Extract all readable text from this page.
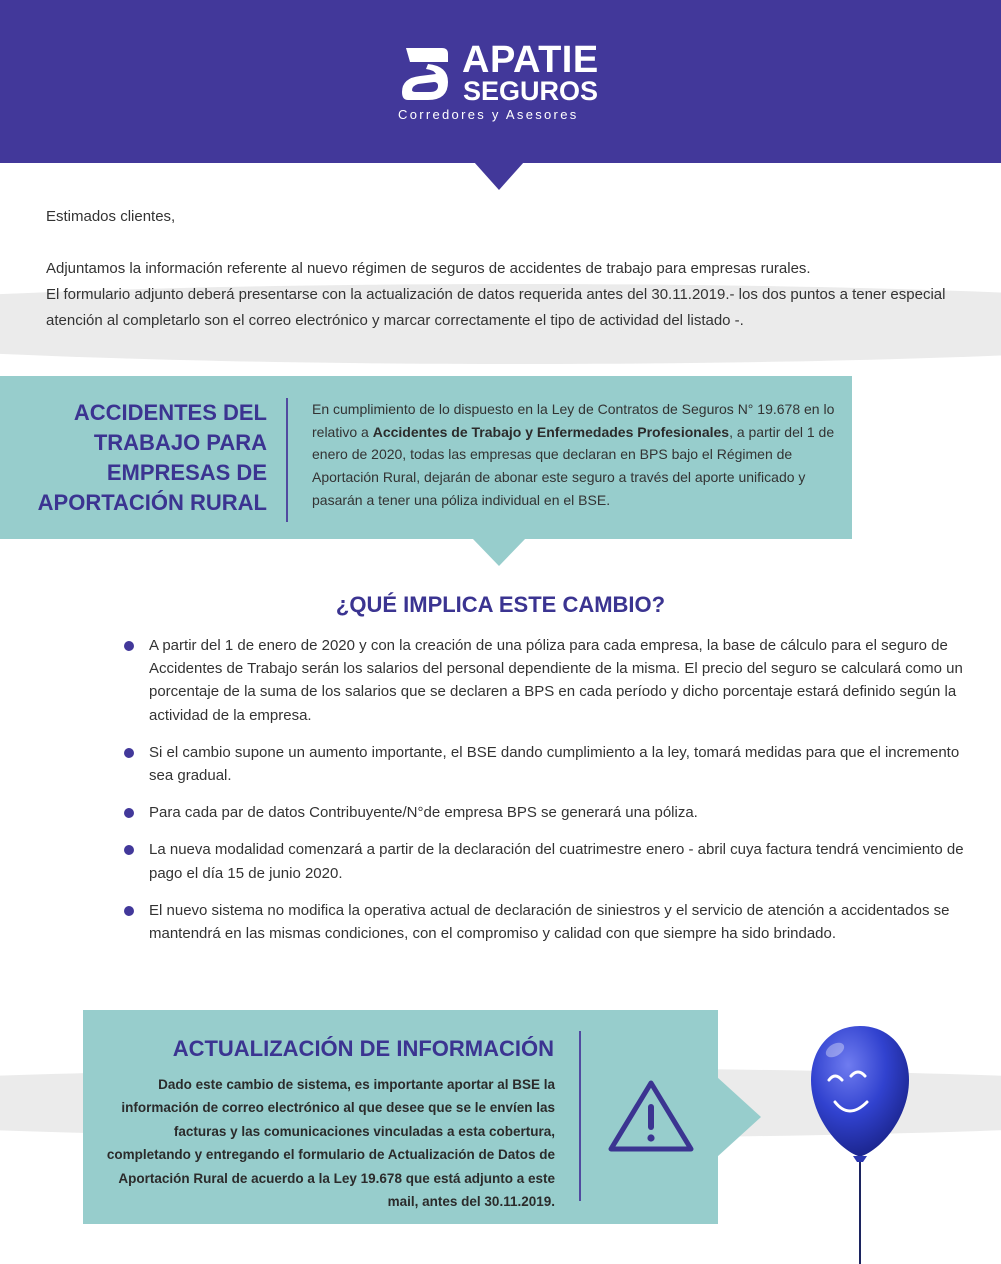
APATIE
SEGUROS
Corredores y Asesores

Estimados clientes,

Adjuntamos la información referente al nuevo régimen de seguros de accidentes de trabajo para empresas rurales.

El formulario adjunto deberá presentarse con la actualización de datos requerida antes del 30.11.2019.- los dos puntos a tener especial atención al completarlo son el correo electrónico y marcar correctamente el tipo de actividad del listado -.

ACCIDENTES DEL TRABAJO PARA EMPRESAS DE APORTACIÓN RURAL

En cumplimiento de lo dispuesto en la Ley de Contratos de Seguros N° 19.678 en lo relativo a Accidentes de Trabajo y Enfermedades Profesionales, a partir del 1 de enero de 2020, todas las empresas que declaran en BPS bajo el Régimen de Aportación Rural, dejarán de abonar este seguro a través del aporte unificado y pasarán a tener una póliza individual en el BSE.

¿QUÉ IMPLICA ESTE CAMBIO?
A partir del 1 de enero de 2020 y con la creación de una póliza para cada empresa, la base de cálculo para el seguro de Accidentes de Trabajo serán los salarios del personal dependiente de la misma. El precio del seguro se calculará como un porcentaje de la suma de los salarios que se declaren a BPS en cada período y dicho porcentaje estará definido según la actividad de la empresa.
Si el cambio supone un aumento importante, el BSE dando cumplimiento a la ley, tomará medidas para que el incremento sea gradual.
Para cada par de datos Contribuyente/N°de empresa BPS se generará una póliza.
La nueva modalidad comenzará a partir de la declaración del cuatrimestre enero - abril cuya factura tendrá vencimiento de pago el día 15 de junio 2020.
El nuevo sistema no modifica la operativa actual de declaración de siniestros y el servicio de atención a accidentados se mantendrá en las mismas condiciones, con el compromiso y calidad con que siempre ha sido brindado.
ACTUALIZACIÓN DE INFORMACIÓN

Dado este cambio de sistema, es importante aportar al BSE la información de correo electrónico al que desee que se le envíen las facturas y las comunicaciones vinculadas a esta cobertura, completando y entregando el formulario de Actualización de Datos de Aportación Rural de acuerdo a la Ley 19.678 que está adjunto a este mail, antes del 30.11.2019.
